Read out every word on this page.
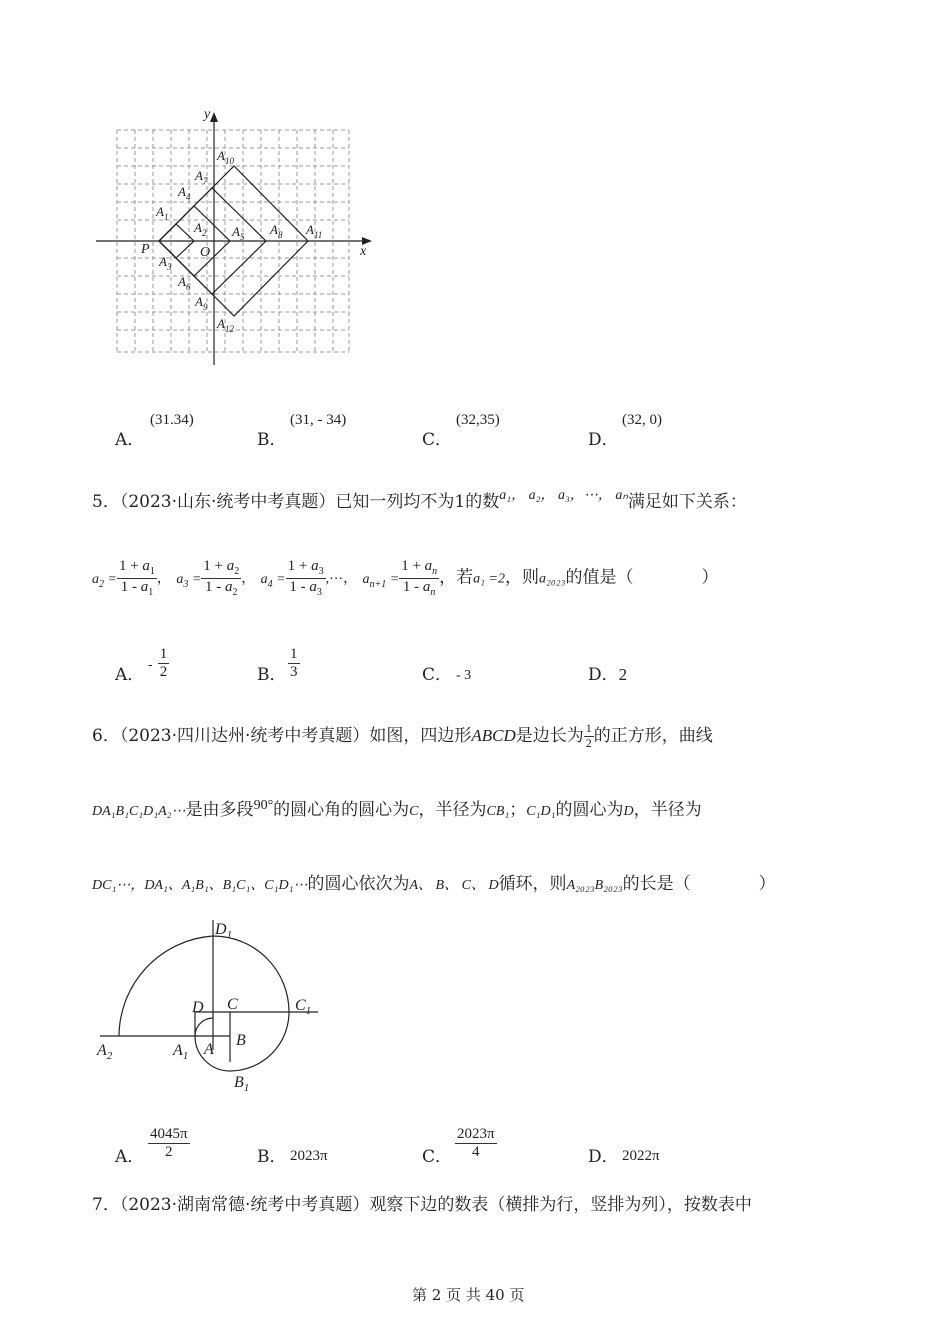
y
x
P	O
$A_1$
$A_2$
$A_3$
$A_4$
$A_5$
$A_6$
$A_7$
$A_8$
$A_9$
$A_{10}$
$A_{11}$
$A_{12}$
A．
(31.34)
B．
(31, - 34)
C．
(32,35)
D．
(32, 0)
5．（2023·山东·统考中考真题）已知一列均不为1的数$^{a_1, a_2, a_3,\cdots, a_n}$满足如下关系：
$a_2 = \frac{1 + a_1}{1 - a_1}$ ， $a_3 = \frac{1 + a_2}{1 - a_2}$ ， $a_4 = \frac{1 + a_3}{1 - a_3}$ ,⋯， $a_{n+1} = \frac{1 + a_n}{1 - a_n}$ ，若a₁ =2，则a₂₀₂₃的值是（　　　　）
A．
- $\frac{1}{2}$	B． $\frac{1}{3}$	C． - 3	D．2
6．（2023·四川达州·统考中考真题）如图，四边形ABCD是边长为 $\frac{1}{2}$ 的正方形，曲线
DA₁B₁C₁D₁A₂⋯是由多段$^{90^\circ}$的圆心角的圆心为C，半径为CB₁；C₁D₁的圆心为D，半径为
DC₁⋯，DA₁、A₁B₁、B₁C₁、C₁D₁⋯的圆心依次为A、 B、 C、 D循环，则A₂₀₂₃B₂₀₂₃的长是（　　　　）
$D_1$
D C	$C_1$
$A_2$	$A_1$ A
B
$B_1$
A． $\frac{4045\pi}{2}$	B． 2023π	C． $\frac{2023\pi}{4}$	D． 2022π
7．（2023·湖南常德·统考中考真题）观察下边的数表（横排为行，竖排为列），按数表中
第 2 页 共 40 页
